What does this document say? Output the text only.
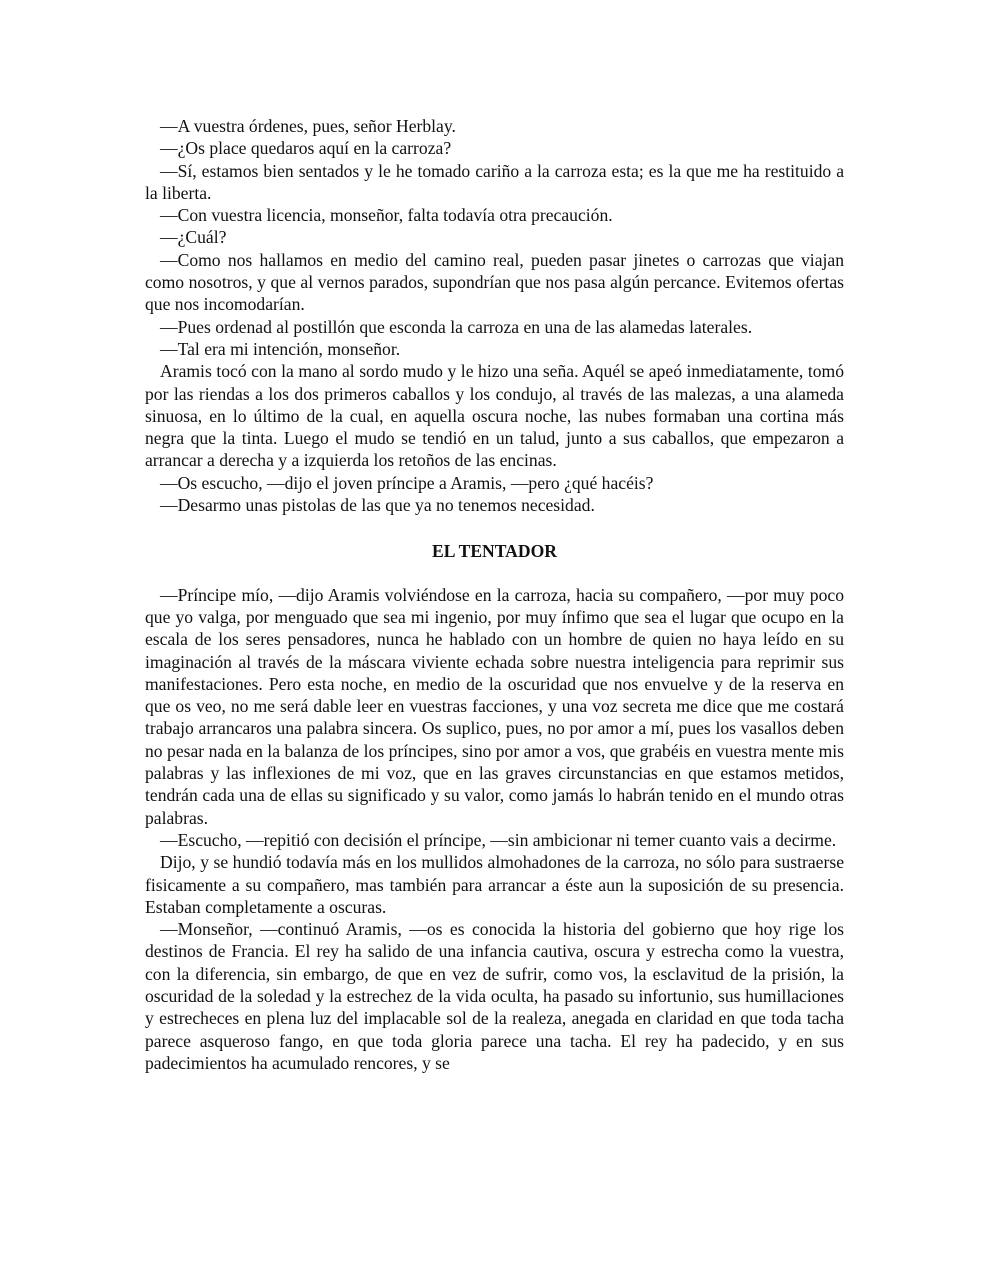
—A vuestra órdenes, pues, señor Herblay.

—¿Os place quedaros aquí en la carroza?

—Sí, estamos bien sentados y le he tomado cariño a la carroza esta; es la que me ha restituido a la liberta.

—Con vuestra licencia, monseñor, falta todavía otra precaución.

—¿Cuál?

—Como nos hallamos en medio del camino real, pueden pasar jinetes o carrozas que viajan como nosotros, y que al vernos parados, supondrían que nos pasa algún percance. Evitemos ofertas que nos incomodarían.

—Pues ordenad al postillón que esconda la carroza en una de las alamedas laterales.

—Tal era mi intención, monseñor.

Aramis tocó con la mano al sordo mudo y le hizo una seña. Aquél se apeó inmediatamente, tomó por las riendas a los dos primeros caballos y los condujo, al través de las malezas, a una alameda sinuosa, en lo último de la cual, en aquella oscura noche, las nubes formaban una cortina más negra que la tinta. Luego el mudo se tendió en un talud, junto a sus caballos, que empezaron a arrancar a derecha y a izquierda los retoños de las encinas.

—Os escucho, —dijo el joven príncipe a Aramis, —pero ¿qué hacéis?

—Desarmo unas pistolas de las que ya no tenemos necesidad.

EL TENTADOR

—Príncipe mío, —dijo Aramis volviéndose en la carroza, hacia su compañero, —por muy poco que yo valga, por menguado que sea mi ingenio, por muy ínfimo que sea el lugar que ocupo en la escala de los seres pensadores, nunca he hablado con un hombre de quien no haya leído en su imaginación al través de la máscara viviente echada sobre nuestra inteligencia para reprimir sus manifestaciones. Pero esta noche, en medio de la oscuridad que nos envuelve y de la reserva en que os veo, no me será dable leer en vuestras facciones, y una voz secreta me dice que me costará trabajo arrancaros una palabra sincera. Os suplico, pues, no por amor a mí, pues los vasallos deben no pesar nada en la balanza de los príncipes, sino por amor a vos, que grabéis en vuestra mente mis palabras y las inflexiones de mi voz, que en las graves circunstancias en que estamos metidos, tendrán cada una de ellas su significado y su valor, como jamás lo habrán tenido en el mundo otras palabras.

—Escucho, —repitió con decisión el príncipe, —sin ambicionar ni temer cuanto vais a decirme.

Dijo, y se hundió todavía más en los mullidos almohadones de la carroza, no sólo para sustraerse fisicamente a su compañero, mas también para arrancar a éste aun la suposición de su presencia. Estaban completamente a oscuras.

—Monseñor, —continuó Aramis, —os es conocida la historia del gobierno que hoy rige los destinos de Francia. El rey ha salido de una infancia cautiva, oscura y estrecha como la vuestra, con la diferencia, sin embargo, de que en vez de sufrir, como vos, la esclavitud de la prisión, la oscuridad de la soledad y la estrechez de la vida oculta, ha pasado su infortunio, sus humillaciones y estrecheces en plena luz del implacable sol de la realeza, anegada en claridad en que toda tacha parece asqueroso fango, en que toda gloria parece una tacha. El rey ha padecido, y en sus padecimientos ha acumulado rencores, y se
